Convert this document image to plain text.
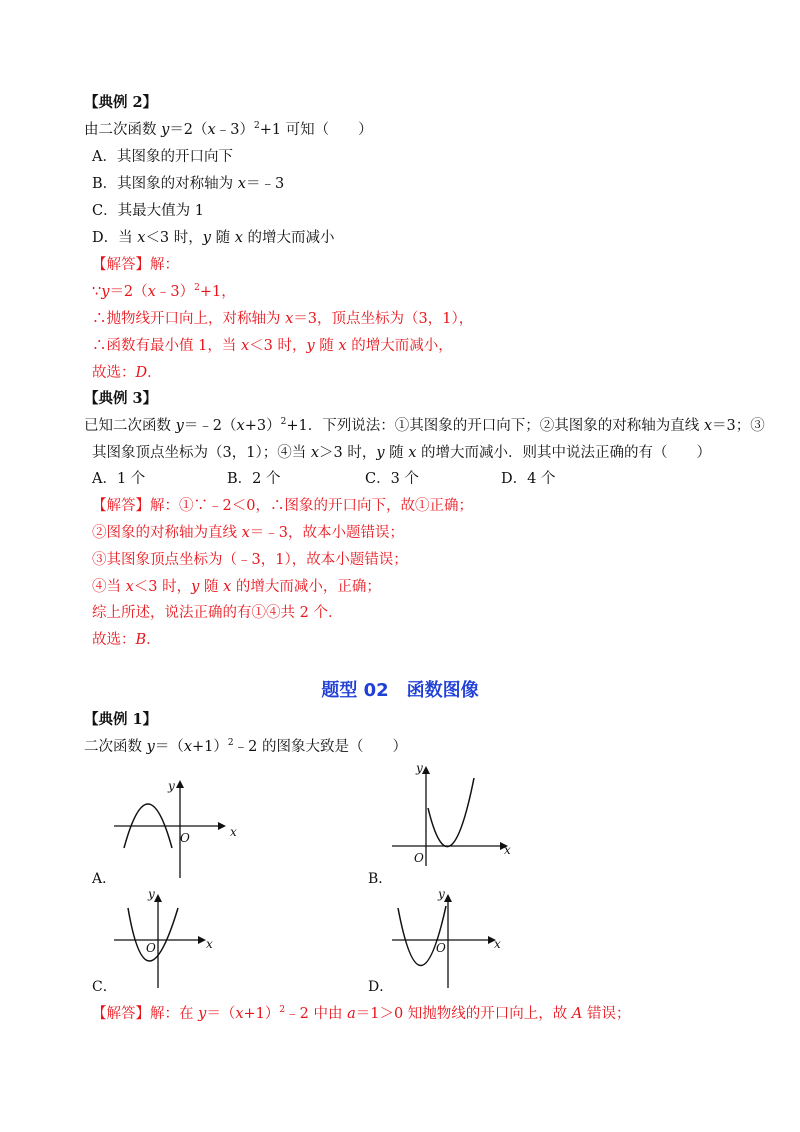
【典例 2】
由二次函数 y＝2（x﹣3）$^2$+1 可知（　　）
A．其图象的开口向下
B．其图象的对称轴为 x＝﹣3
C．其最大值为 1
D．当 x＜3 时，y 随 x 的增大而减小
【解答】解：
∵y＝2（x﹣3）$^2$+1，
∴抛物线开口向上，对称轴为 x＝3，顶点坐标为（3，1），
∴函数有最小值 1，当 x＜3 时，y 随 x 的增大而减小，
故选：D．
【典例 3】
已知二次函数 $y=﹣2(x+3)^2+1$．下列说法：①其图象的开口向下；②其图象的对称轴为直线 x＝3；③
其图象顶点坐标为（3，1）；④当 x＞3 时，y 随 x 的增大而减小．则其中说法正确的有（　　）
A．1 个	B．2 个	C．3 个	D．4 个
【解答】解：①∵﹣2＜0，∴图象的开口向下，故①正确；
②图象的对称轴为直线 x＝﹣3，故本小题错误；
③其图象顶点坐标为（﹣3，1），故本小题错误；
④当 x＜3 时，y 随 x 的增大而减小，正确；
综上所述，说法正确的有①④共 2 个．
故选：B．
题型 02　函数图像
【典例 1】
二次函数 $y=(x+1)^2﹣2$ 的图象大致是（　　）
x
y
O
A．
x
y
O
B．
x
y
O
C．
x
y
O
D．
【解答】解：在 $y=(x+1)^2﹣2$ 中由 a＝1＞0 知抛物线的开口向上，故 A 错误；
